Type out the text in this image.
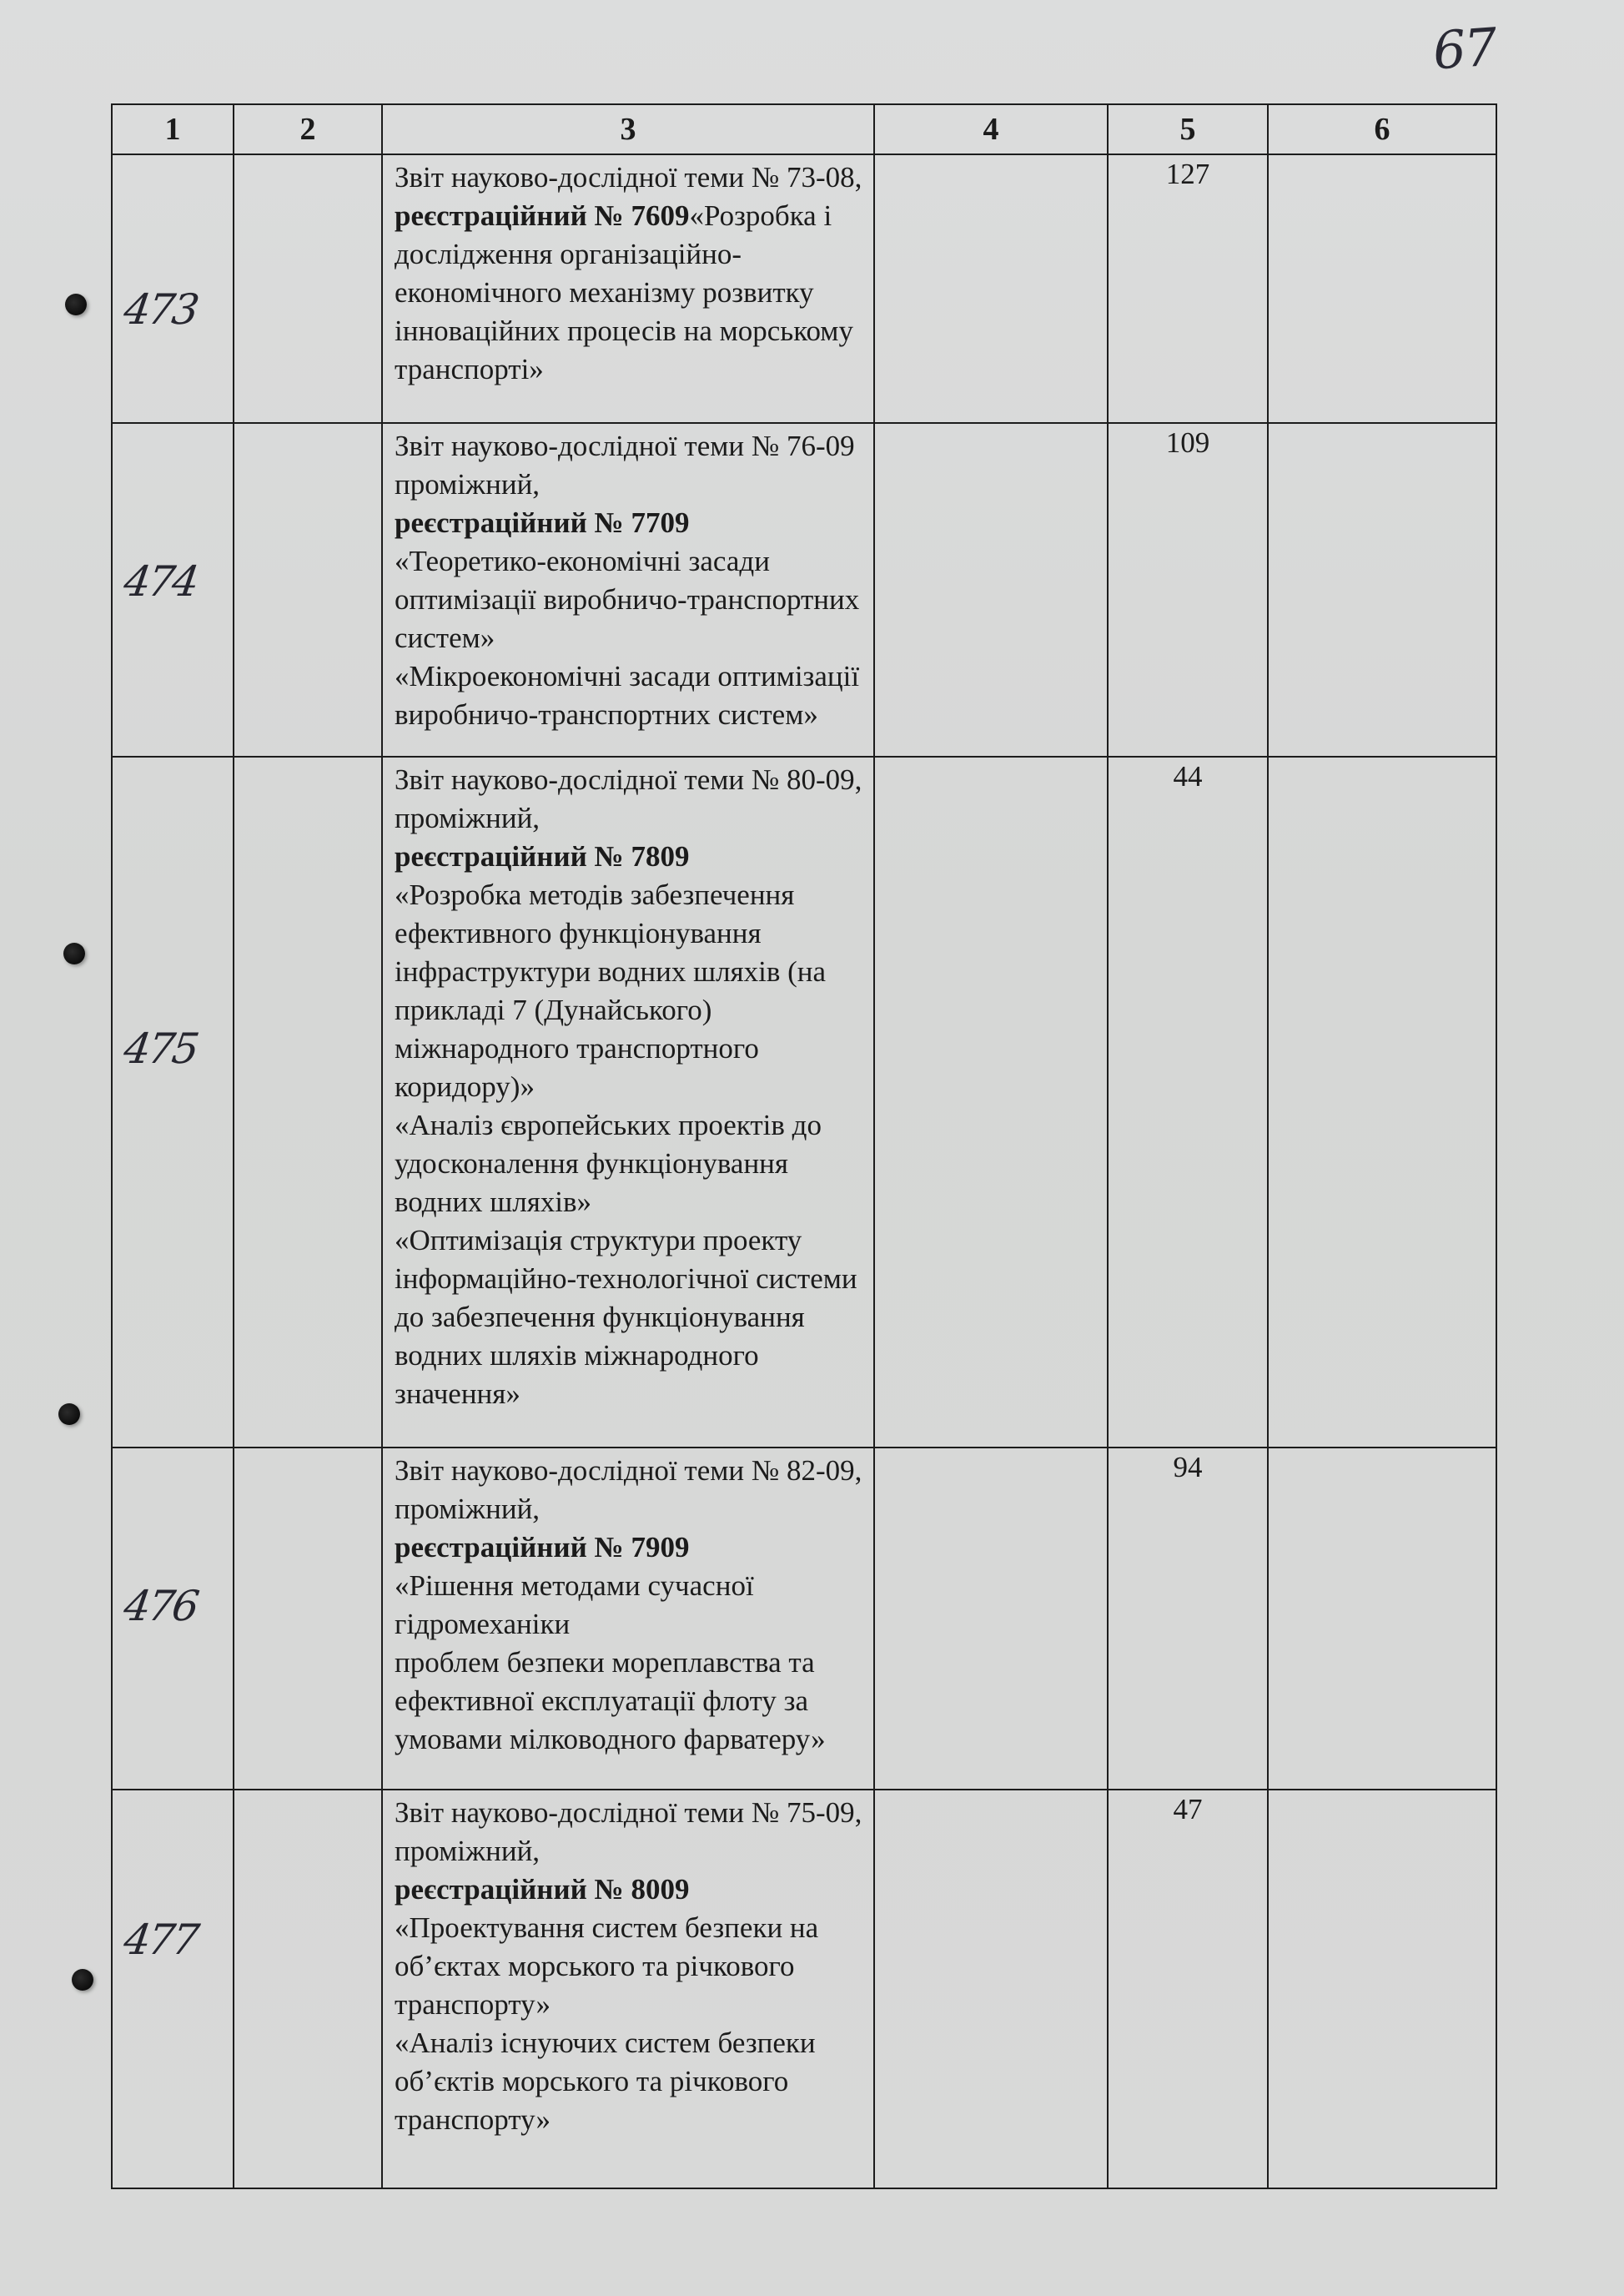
67
1	2	3	4	5	6

473		Звіт науково-дослідної теми № 73-08, реєстраційний № 7609«Розробка і дослідження організаційно-економічного механізму розвитку інноваційних процесів на морському транспорті»		127	

474		Звіт науково-дослідної теми № 76-09 проміжний,
реєстраційний № 7709
«Теоретико-економічні засади оптимізації виробничо-транспортних систем»
«Мікроекономічні засади оптимізації виробничо-транспортних систем»		109	

475		Звіт науково-дослідної теми № 80-09, проміжний,
реєстраційний № 7809
«Розробка методів забезпечення ефективного функціонування інфраструктури водних шляхів (на прикладі 7 (Дунайського) міжнародного транспортного коридору)»
«Аналіз європейських проектів до удосконалення функціонування водних шляхів»
«Оптимізація структури проекту інформаційно-технологічної системи до забезпечення функціонування водних шляхів міжнародного значення»		44	

476		Звіт науково-дослідної теми № 82-09, проміжний,
реєстраційний № 7909
«Рішення методами сучасної гідромеханіки
проблем безпеки мореплавства та ефективної експлуатації флоту за умовами мілководного фарватеру»		94	

477		Звіт науково-дослідної теми № 75-09, проміжний,
реєстраційний № 8009
«Проектування систем безпеки на об’єктах морського та річкового транспорту»
«Аналіз існуючих систем безпеки об’єктів морського та річкового транспорту»		47	
